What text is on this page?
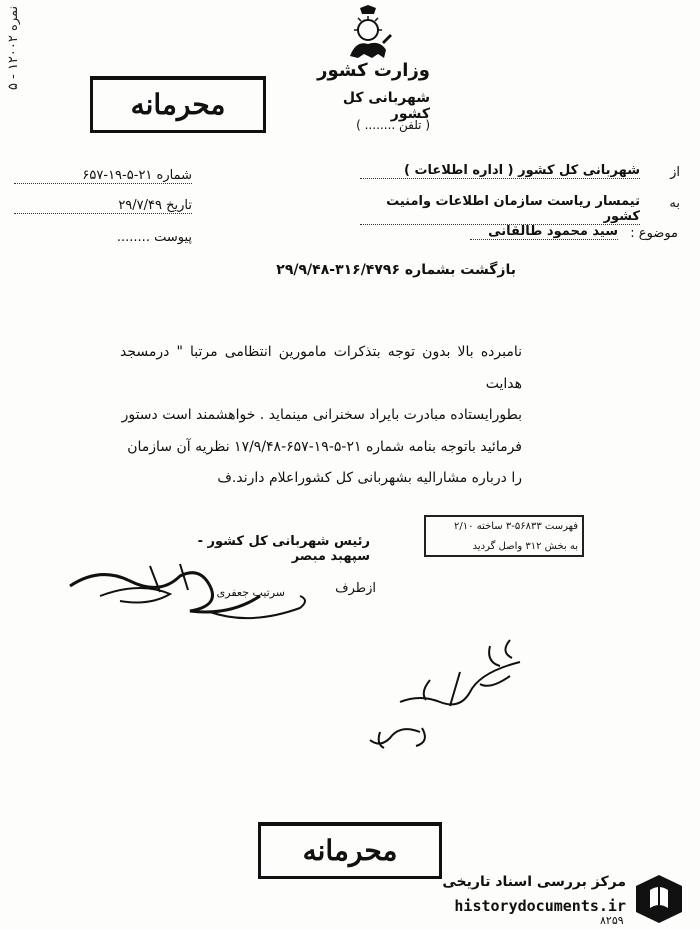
نمره ۱۲۰۰۲ - ۵
وزارت کشور
شهربانی کل کشور
( تلفن ........ )
محرمانه
شماره ۲۱-۵-۱۹-۶۵۷
تاریخ ۲۹/۷/۴۹
پیوست ........
از
شهربانی کل کشور ( اداره اطلاعات )
به
تیمسار ریاست سازمان اطلاعات وامنیت کشور
موضوع :
سید محمود طالقانی
بازگشت بشماره ۳۱۶/۴۷۹۶-۲۹/۹/۴۸
نامبرده بالا بدون توجه بتذکرات مامورین انتظامی مرتبا " درمسجد هدایت
بطورایستاده مبادرت بایراد سخنرانی مینماید . خواهشمند است دستور
فرمائید باتوجه بنامه شماره ۲۱-۵-۱۹-۶۵۷-۱۷/۹/۴۸ نظریه آن سازمان
را درباره مشارالیه بشهربانی کل کشوراعلام دارند.ف
فهرست ۵۶۸۳۳-۳ ساخته ۲/۱۰
به بخش ۳۱۲ واصل گردید
رئیس شهربانی کل کشور - سپهبد مبصر
سرتیپ جعفری	ازطرف
محرمانه
مرکز بررسی اسناد تاریخی
historydocuments.ir
۸۲۵۹
